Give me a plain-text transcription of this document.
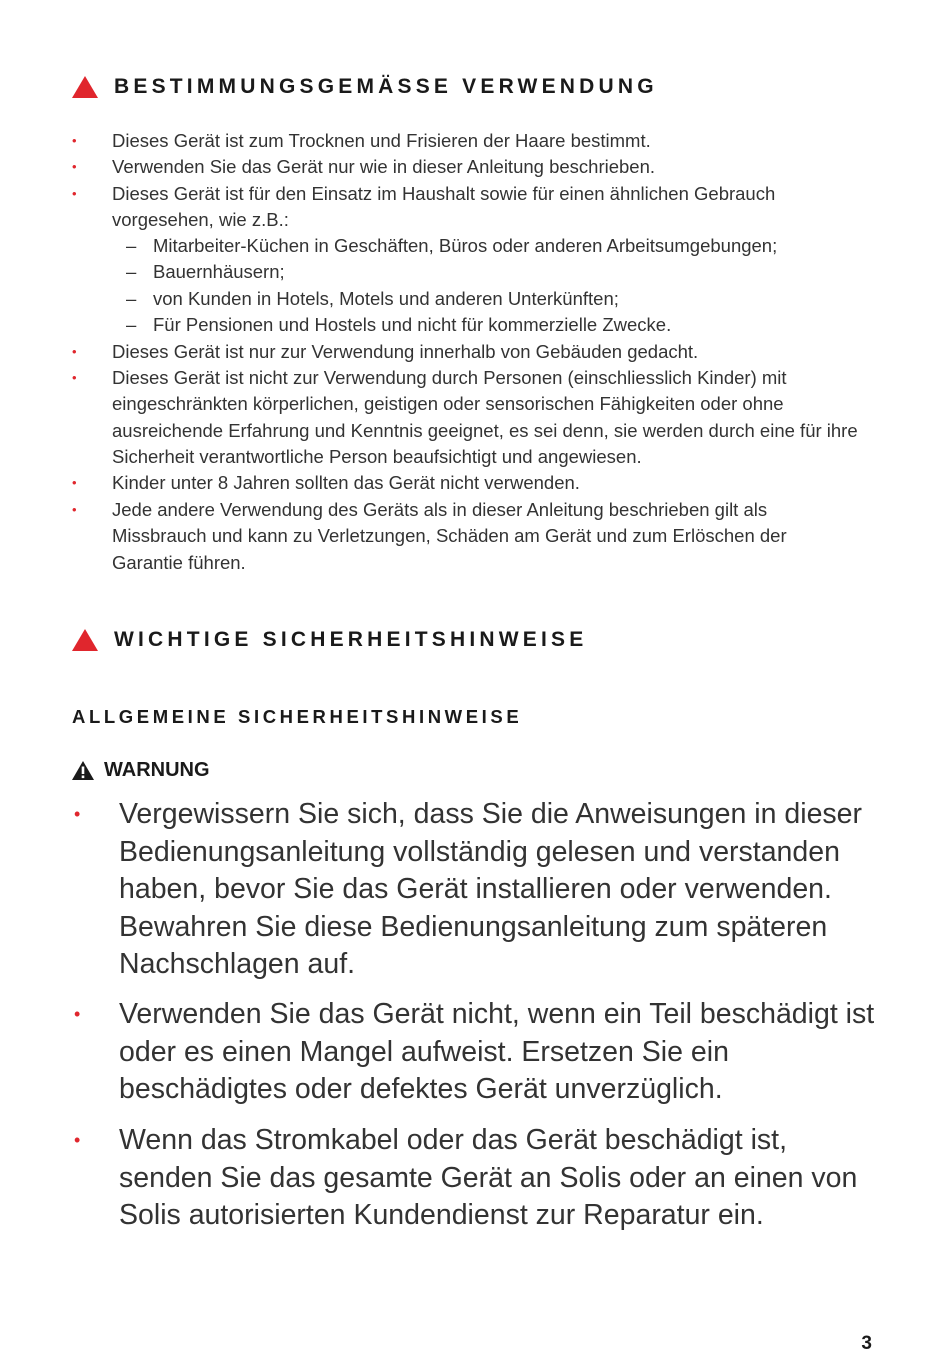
BESTIMMUNGSGEMÄSSE VERWENDUNG
• Dieses Gerät ist zum Trocknen und Frisieren der Haare bestimmt.
• Verwenden Sie das Gerät nur wie in dieser Anleitung beschrieben.
• Dieses Gerät ist für den Einsatz im Haushalt sowie für einen ähnlichen Gebrauch vorgesehen, wie z.B.:
– Mitarbeiter-Küchen in Geschäften, Büros oder anderen Arbeitsumgebungen;
– Bauernhäusern;
– von Kunden in Hotels, Motels und anderen Unterkünften;
– Für Pensionen und Hostels und nicht für kommerzielle Zwecke.
• Dieses Gerät ist nur zur Verwendung innerhalb von Gebäuden gedacht.
• Dieses Gerät ist nicht zur Verwendung durch Personen (einschliesslich Kinder) mit eingeschränkten körperlichen, geistigen oder sensorischen Fähigkeiten oder ohne ausreichende Erfahrung und Kenntnis geeignet, es sei denn, sie werden durch eine für ihre Sicherheit verantwortliche Person beaufsichtigt und angewiesen.
• Kinder unter 8 Jahren sollten das Gerät nicht verwenden.
• Jede andere Verwendung des Geräts als in dieser Anleitung beschrieben gilt als Missbrauch und kann zu Verletzungen, Schäden am Gerät und zum Erlöschen der Garantie führen.
WICHTIGE SICHERHEITSHINWEISE
ALLGEMEINE SICHERHEITSHINWEISE
WARNUNG
• Vergewissern Sie sich, dass Sie die Anweisungen in dieser Bedienungsanleitung vollständig gelesen und verstanden haben, bevor Sie das Gerät installieren oder verwenden. Bewahren Sie diese Bedienungsanleitung zum späteren Nachschlagen auf.
• Verwenden Sie das Gerät nicht, wenn ein Teil beschädigt ist oder es einen Mangel aufweist. Ersetzen Sie ein beschädigtes oder defektes Gerät unverzüglich.
• Wenn das Stromkabel oder das Gerät beschädigt ist, senden Sie das gesamte Gerät an Solis oder an einen von Solis autorisierten Kundendienst zur Reparatur ein.
3
